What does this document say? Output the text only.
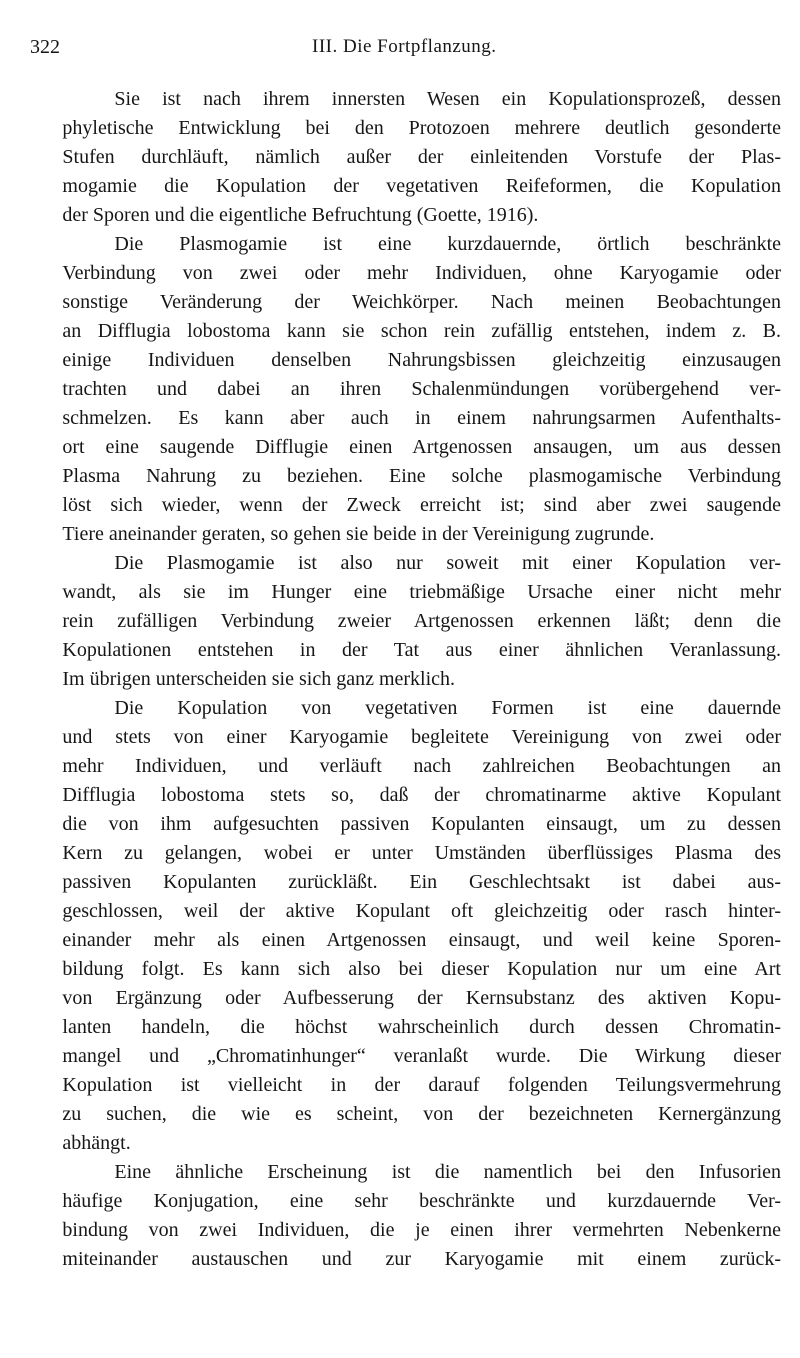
322	III. Die Fortpflanzung.
Sie ist nach ihrem innersten Wesen ein Kopulationsprozeß, dessen
phyletische Entwicklung bei den Protozoen mehrere deutlich gesonderte
Stufen durchläuft, nämlich außer der einleitenden Vorstufe der Plas-
mogamie die Kopulation der vegetativen Reifeformen, die Kopulation
der Sporen und die eigentliche Befruchtung (Goette, 1916).
Die Plasmogamie ist eine kurzdauernde, örtlich beschränkte
Verbindung von zwei oder mehr Individuen, ohne Karyogamie oder
sonstige Veränderung der Weichkörper. Nach meinen Beobachtungen
an Difflugia lobostoma kann sie schon rein zufällig entstehen, indem z. B.
einige Individuen denselben Nahrungsbissen gleichzeitig einzusaugen
trachten und dabei an ihren Schalenmündungen vorübergehend ver-
schmelzen. Es kann aber auch in einem nahrungsarmen Aufenthalts-
ort eine saugende Difflugie einen Artgenossen ansaugen, um aus dessen
Plasma Nahrung zu beziehen. Eine solche plasmogamische Verbindung
löst sich wieder, wenn der Zweck erreicht ist; sind aber zwei saugende
Tiere aneinander geraten, so gehen sie beide in der Vereinigung zugrunde.
Die Plasmogamie ist also nur soweit mit einer Kopulation ver-
wandt, als sie im Hunger eine triebmäßige Ursache einer nicht mehr
rein zufälligen Verbindung zweier Artgenossen erkennen läßt; denn die
Kopulationen entstehen in der Tat aus einer ähnlichen Veranlassung.
Im übrigen unterscheiden sie sich ganz merklich.
Die Kopulation von vegetativen Formen ist eine dauernde
und stets von einer Karyogamie begleitete Vereinigung von zwei oder
mehr Individuen, und verläuft nach zahlreichen Beobachtungen an
Difflugia lobostoma stets so, daß der chromatinarme aktive Kopulant
die von ihm aufgesuchten passiven Kopulanten einsaugt, um zu dessen
Kern zu gelangen, wobei er unter Umständen überflüssiges Plasma des
passiven Kopulanten zurückläßt. Ein Geschlechtsakt ist dabei aus-
geschlossen, weil der aktive Kopulant oft gleichzeitig oder rasch hinter-
einander mehr als einen Artgenossen einsaugt, und weil keine Sporen-
bildung folgt. Es kann sich also bei dieser Kopulation nur um eine Art
von Ergänzung oder Aufbesserung der Kernsubstanz des aktiven Kopu-
lanten handeln, die höchst wahrscheinlich durch dessen Chromatin-
mangel und „Chromatinhunger“ veranlaßt wurde. Die Wirkung dieser
Kopulation ist vielleicht in der darauf folgenden Teilungsvermehrung
zu suchen, die wie es scheint, von der bezeichneten Kernergänzung
abhängt.
Eine ähnliche Erscheinung ist die namentlich bei den Infusorien
häufige Konjugation, eine sehr beschränkte und kurzdauernde Ver-
bindung von zwei Individuen, die je einen ihrer vermehrten Nebenkerne
miteinander austauschen und zur Karyogamie mit einem zurück-
